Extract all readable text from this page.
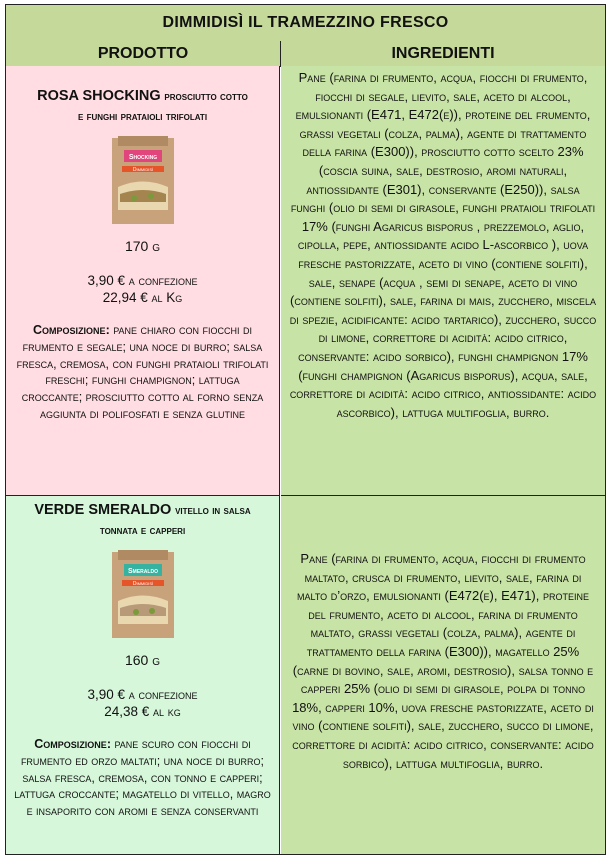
DIMMIDISÌ IL TRAMEZZINO FRESCO
PRODOTTO	INGREDIENTI
ROSA SHOCKING prosciutto cotto
e funghi prataioli trifolati
Shocking
Dimmidisì
170 g
3,90 € a confezione
22,94 € al Kg
Composizione: pane chiaro con fiocchi di frumento e segale; una noce di burro; salsa fresca, cremosa, con funghi prataioli trifolati
freschi; funghi champignon; lattuga croccante; prosciutto cotto al forno senza aggiunta di polifosfati e senza glutine
Pane (farina di frumento, acqua, fiocchi di frumento, fiocchi di segale, lievito, sale, aceto di alcool, emulsionanti (E471, E472(e)), proteine del frumento, grassi vegetali (colza, palma), agente di trattamento della farina (E300)), prosciutto cotto scelto 23% (coscia suina, sale, destrosio, aromi naturali, antiossidante (E301), conservante (E250)), salsa funghi (olio di semi di girasole, funghi prataioli trifolati 17% (funghi Agaricus bisporus , prezzemolo, aglio, cipolla, pepe, antiossidante acido L-ascorbico ), uova fresche pastorizzate, aceto di vino (contiene solfiti), sale, senape (acqua , semi di senape, aceto di vino (contiene solfiti), sale, farina di mais, zucchero, miscela di spezie, acidificante: acido tartarico), zucchero, succo di limone, correttore di acidità: acido citrico, conservante: acido sorbico), funghi champignon 17% (funghi champignon (Agaricus bisporus), acqua, sale, correttore di acidità: acido citrico, antiossidante: acido ascorbico), lattuga multifoglia, burro.
VERDE SMERALDO vitello in salsa
tonnata e capperi
Smeraldo
Dimmidisì
160 g
3,90 € a confezione
24,38 € al kg
Composizione: pane scuro con fiocchi di frumento ed orzo maltati; una noce di burro; salsa fresca, cremosa, con tonno e capperi; lattuga croccante; magatello di vitello, magro e insaporito con aromi e senza conservanti
Pane (farina di frumento, acqua, fiocchi di frumento maltato, crusca di frumento, lievito, sale, farina di malto d’orzo, emulsionanti (E472(e), E471), proteine del frumento, aceto di alcool, farina di frumento maltato, grassi vegetali (colza, palma), agente di trattamento della farina (E300)), magatello 25% (carne di bovino, sale, aromi, destrosio), salsa tonno e capperi 25% (olio di semi di girasole, polpa di tonno 18%, capperi 10%, uova fresche pastorizzate, aceto di vino (contiene solfiti), sale, zucchero, succo di limone, correttore di acidità: acido citrico, conservante: acido sorbico), lattuga multifoglia, burro.
